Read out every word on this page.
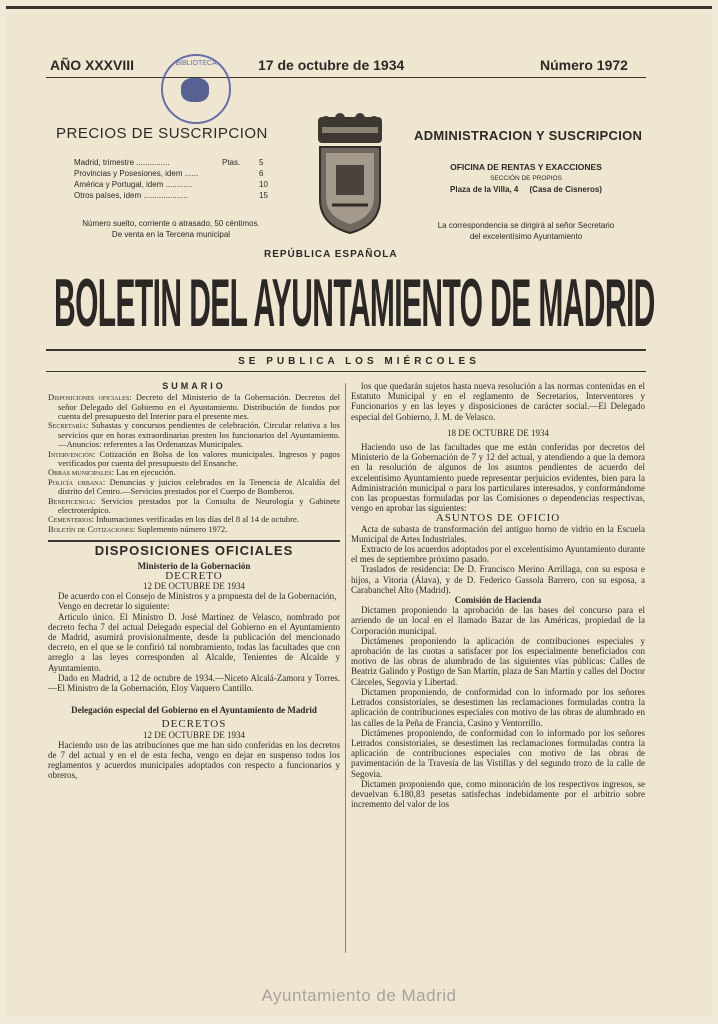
AÑO XXXVIII	17 de octubre de 1934	Número 1972
BIBLIOTECA
PRECIOS DE SUSCRIPCION
Madrid, trimestre ...............	Ptas. 5
Provincias y Posesiones, idem ......	6
América y Portugal, idem ............	10
Otros países, idem ....................	15
Número suelto, corriente o atrasado, 50 céntimos.
De venta en la Tercena municipal
ADMINISTRACION Y SUSCRIPCION
OFICINA DE RENTAS Y EXACCIONES
SECCIÓN DE PROPIOS
Plaza de la Villa, 4 (Casa de Cisneros)
La correspondencia se dirigirá al señor Secretario
del excelentísimo Ayuntamiento
REPÚBLICA ESPAÑOLA
BOLETIN DEL AYUNTAMIENTO DE MADRID
SE PUBLICA LOS MIÉRCOLES
SUMARIO

Disposiciones oficiales: Decreto del Ministerio de la Gobernación. Decretos del señor Delegado del Gobierno en el Ayuntamiento. Distribución de fondos por cuenta del presupuesto del Interior para el presente mes.

Secretaría: Subastas y concursos pendientes de celebración. Circular relativa a los servicios que en horas extraordinarias presten los funcionarios del Ayuntamiento.—Anuncios: referentes a las Ordenanzas Municipales.

Intervención: Cotización en Bolsa de los valores municipales. Ingresos y pagos verificados por cuenta del presupuesto del Ensanche.

Obras municipales: Las en ejecución.

Policía urbana: Denuncias y juicios celebrados en la Tenencia de Alcaldía del distrito del Centro.—Servicios prestados por el Cuerpo de Bomberos.

Beneficencia: Servicios prestados por la Consulta de Neurología y Gabinete electroterápico.

Cementerios: Inhumaciones verificadas en los días del 8 al 14 de octubre.

Boletín de Cotizaciones: Suplemento número 1972.

DISPOSICIONES OFICIALES

Ministerio de la Gobernación

DECRETO

12 DE OCTUBRE DE 1934

De acuerdo con el Consejo de Ministros y a propuesta del de la Gobernación,

Vengo en decretar lo siguiente:

Artículo único. El Ministro D. José Martínez de Velasco, nombrado por decreto fecha 7 del actual Delegado especial del Gobierno en el Ayuntamiento de Madrid, asumirá provisionalmente, desde la publicación del mencionado decreto, en el que se le confirió tal nombramiento, todas las facultades que con arreglo a las leyes corresponden al Alcalde, Tenientes de Alcalde y Ayuntamiento.

Dado en Madrid, a 12 de octubre de 1934.—Niceto Alcalá-Zamora y Torres.—El Ministro de la Gobernación, Eloy Vaquero Cantillo.

Delegación especial del Gobierno en el Ayuntamiento de Madrid

DECRETOS

12 DE OCTUBRE DE 1934

Haciendo uso de las atribuciones que me han sido conferidas en los decretos de 7 del actual y en el de esta fecha, vengo en dejar en suspenso todos los reglamentos y acuerdos municipales adoptados con respecto a funcionarios y obreros,

los que quedarán sujetos hasta nueva resolución a las normas contenidas en el Estatuto Municipal y en el reglamento de Secretarios, Interventores y Funcionarios y en las leyes y disposiciones de carácter social.—El Delegado especial del Gobierno, J. M. de Velasco.

18 DE OCTUBRE DE 1934

Haciendo uso de las facultades que me están conferidas por decretos del Ministerio de la Gobernación de 7 y 12 del actual, y atendiendo a que la demora en la resolución de algunos de los asuntos pendientes de acuerdo del excelentísimo Ayuntamiento puede representar perjuicios evidentes, bien para la Administración municipal o para los particulares interesados, y conformándome con las propuestas formuladas por las Comisiones o dependencias respectivas, vengo en aprobar las siguientes:

ASUNTOS DE OFICIO

Acta de subasta de transformación del antiguo horno de vidrio en la Escuela Municipal de Artes Industriales.

Extracto de los acuerdos adoptados por el excelentísimo Ayuntamiento durante el mes de septiembre próximo pasado.

Traslados de residencia: De D. Francisco Merino Arrillaga, con su esposa e hijos, a Vitoria (Álava), y de D. Federico Gassola Barrero, con su esposa, a Carabanchel Alto (Madrid).

Comisión de Hacienda

Dictamen proponiendo la aprobación de las bases del concurso para el arriendo de un local en el llamado Bazar de las Américas, propiedad de la Corporación municipal.

Dictámenes proponiendo la aplicación de contribuciones especiales y aprobación de las cuotas a satisfacer por los especialmente beneficiados con motivo de las obras de alumbrado de las siguientes vías públicas: Calles de Beatriz Galindo y Postigo de San Martín, plaza de San Martín y calles del Doctor Cárceles, Segovia y Libertad.

Dictamen proponiendo, de conformidad con lo informado por los señores Letrados consistoriales, se desestimen las reclamaciones formuladas contra la aplicación de contribuciones especiales con motivo de las obras de alumbrado en las calles de la Peña de Francia, Casino y Ventorrillo.

Dictámenes proponiendo, de conformidad con lo informado por los señores Letrados consistoriales, se desestimen las reclamaciones formuladas contra la aplicación de contribuciones especiales con motivo de las obras de pavimentación de la Travesía de las Vistillas y del segundo trozo de la calle de Segovia.

Dictamen proponiendo que, como minoración de los respectivos ingresos, se devuelvan 6.180,83 pesetas satisfechas indebidamente por el arbitrio sobre incremento del valor de los

Ayuntamiento de Madrid
